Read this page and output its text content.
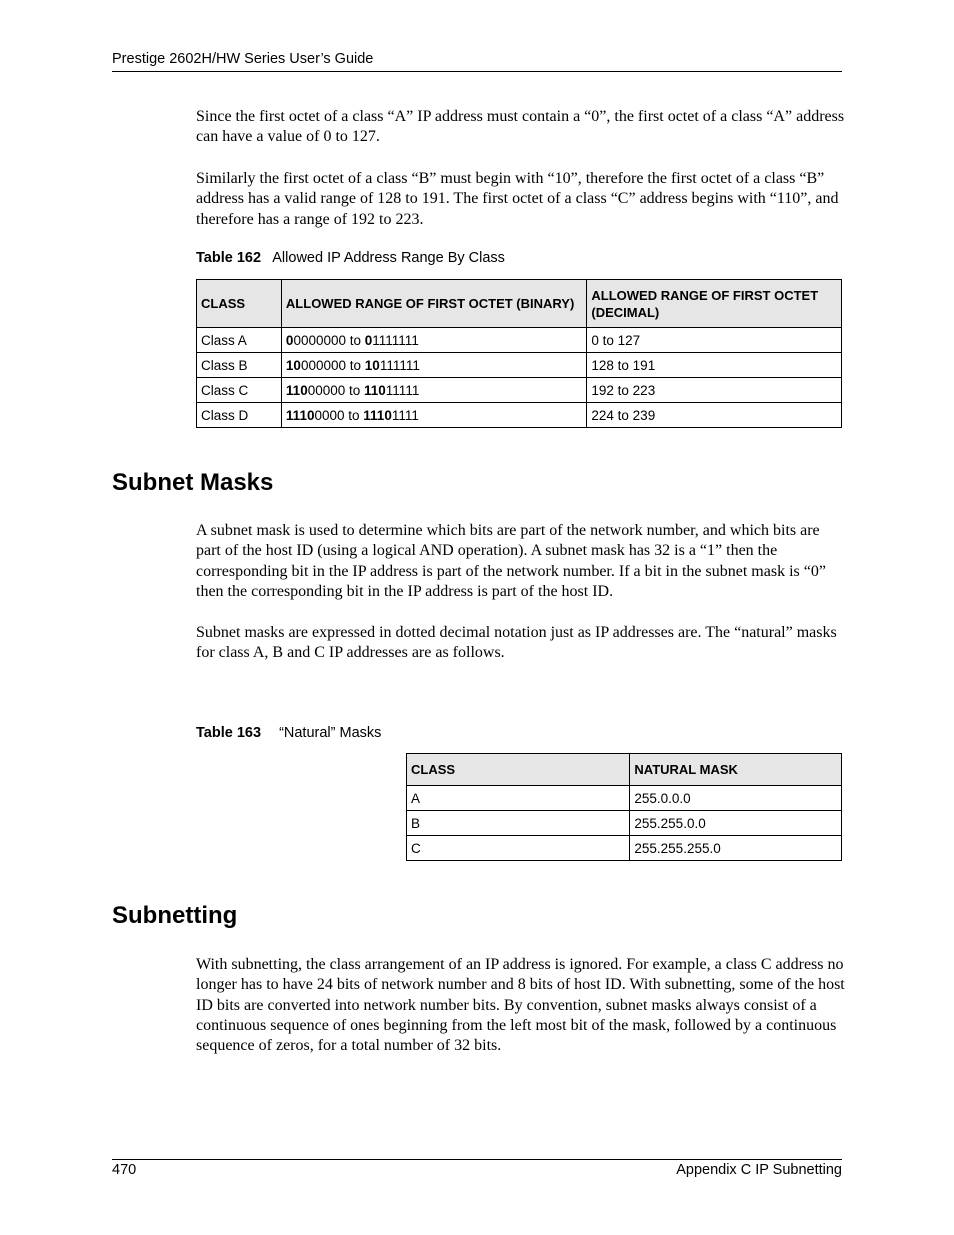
Prestige 2602H/HW Series User’s Guide

Since the first octet of a class “A” IP address must contain a “0”, the first octet of a class “A” address can have a value of 0 to 127.

Similarly the first octet of a class “B” must begin with “10”, therefore the first octet of a class “B” address has a valid range of 128 to 191. The first octet of a class “C” address begins with “110”, and therefore has a range of 192 to 223.

Table 162 Allowed IP Address Range By Class
CLASS	ALLOWED RANGE OF FIRST OCTET (BINARY)	ALLOWED RANGE OF FIRST OCTET (DECIMAL)
Class A	00000000 to 01111111	0 to 127
Class B	10000000 to 10111111	128 to 191
Class C	11000000 to 11011111	192 to 223
Class D	11100000 to 11101111	224 to 239
Subnet Masks

A subnet mask is used to determine which bits are part of the network number, and which bits are part of the host ID (using a logical AND operation). A subnet mask has 32 is a “1” then the corresponding bit in the IP address is part of the network number. If a bit in the subnet mask is “0” then the corresponding bit in the IP address is part of the host ID.

Subnet masks are expressed in dotted decimal notation just as IP addresses are. The “natural” masks for class A, B and C IP addresses are as follows.

Table 163 “Natural” Masks
CLASS	NATURAL MASK
A	255.0.0.0
B	255.255.0.0
C	255.255.255.0
Subnetting

With subnetting, the class arrangement of an IP address is ignored. For example, a class C address no longer has to have 24 bits of network number and 8 bits of host ID. With subnetting, some of the host ID bits are converted into network number bits. By convention, subnet masks always consist of a continuous sequence of ones beginning from the left most bit of the mask, followed by a continuous sequence of zeros, for a total number of 32 bits.

470	Appendix C IP Subnetting
